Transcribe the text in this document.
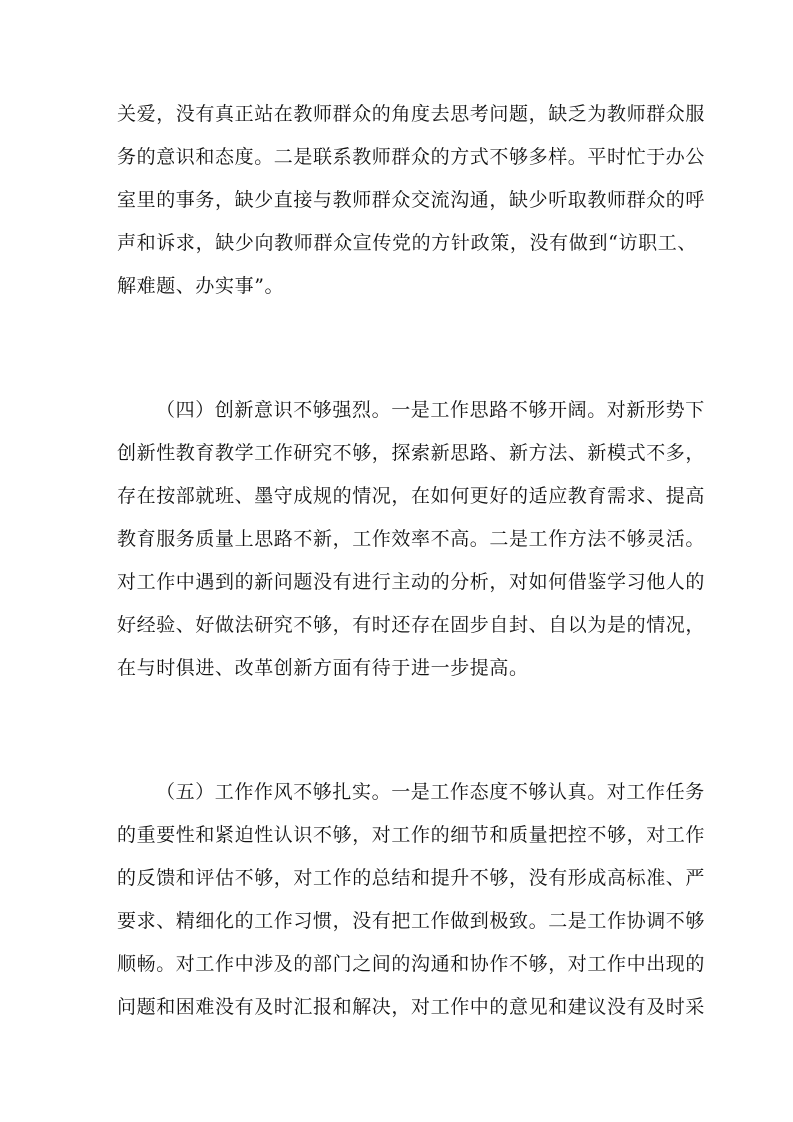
关爱，没有真正站在教师群众的角度去思考问题，缺乏为教师群众服
务的意识和态度。二是联系教师群众的方式不够多样。平时忙于办公
室里的事务，缺少直接与教师群众交流沟通，缺少听取教师群众的呼
声和诉求，缺少向教师群众宣传党的方针政策，没有做到“访职工、
解难题、办实事”。
（四）创新意识不够强烈。一是工作思路不够开阔。对新形势下
创新性教育教学工作研究不够，探索新思路、新方法、新模式不多，
存在按部就班、墨守成规的情况，在如何更好的适应教育需求、提高
教育服务质量上思路不新，工作效率不高。二是工作方法不够灵活。
对工作中遇到的新问题没有进行主动的分析，对如何借鉴学习他人的
好经验、好做法研究不够，有时还存在固步自封、自以为是的情况，
在与时俱进、改革创新方面有待于进一步提高。
（五）工作作风不够扎实。一是工作态度不够认真。对工作任务
的重要性和紧迫性认识不够，对工作的细节和质量把控不够，对工作
的反馈和评估不够，对工作的总结和提升不够，没有形成高标准、严
要求、精细化的工作习惯，没有把工作做到极致。二是工作协调不够
顺畅。对工作中涉及的部门之间的沟通和协作不够，对工作中出现的
问题和困难没有及时汇报和解决，对工作中的意见和建议没有及时采
